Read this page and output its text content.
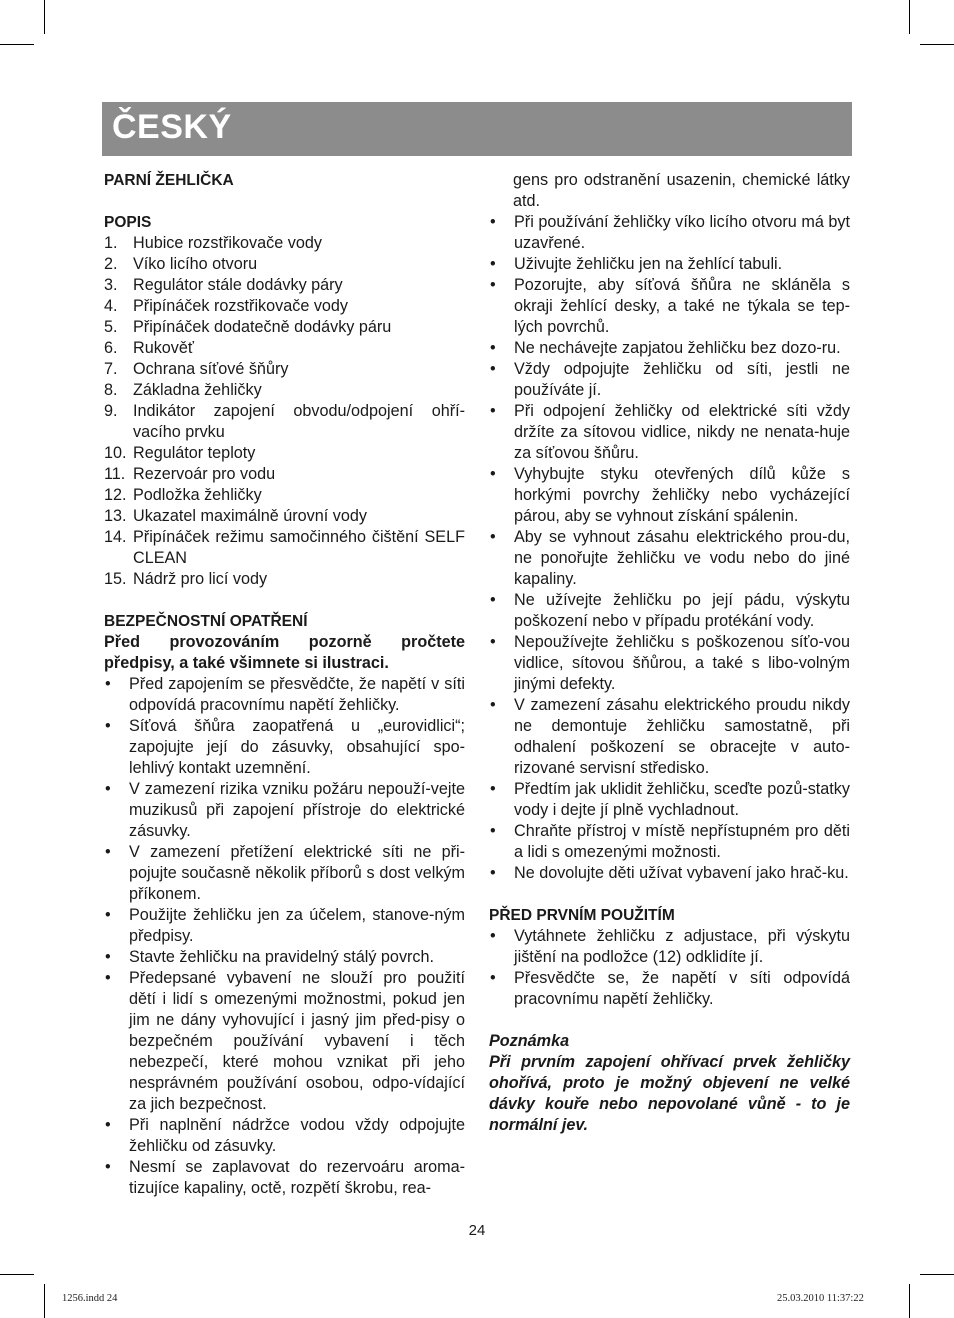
ČESKÝ
PARNÍ ŽEHLIČKA
POPIS
1. Hubice rozstřikovače vody
2. Víko licího otvoru
3. Regulátor stále dodávky páry
4. Připínáček rozstřikovače vody
5. Připínáček dodatečně dodávky páru
6. Rukověť
7. Ochrana síťové šňůry
8. Základna žehličky
9. Indikátor zapojení obvodu/odpojení ohří-vacího prvku
10. Regulátor teploty
11. Rezervoár pro vodu
12. Podložka žehličky
13. Ukazatel maximálně úrovní vody
14. Připínáček režimu samočinného čištění SELF CLEAN
15. Nádrž pro licí vody
BEZPEČNOSTNÍ OPATŘENÍ
Před provozováním pozorně pročtete předpisy, a také všimnete si ilustraci.
•	Před zapojením se přesvědčte, že napětí v síti odpovídá pracovnímu napětí žehličky.
•	Síťová šňůra zaopatřená u „eurovidlici“; zapojujte její do zásuvky, obsahující spo-lehlivý kontakt uzemnění.
•	V zamezení rizika vzniku požáru nepouží-vejte muzikusů při zapojení přístroje do elektrické zásuvky.
•	V zamezení přetížení elektrické síti ne při-pojujte současně několik příborů s dost velkým příkonem.
•	Použijte žehličku jen za účelem, stanove-ným předpisy.
•	Stavte žehličku na pravidelný stálý povrch.
•	Předepsané vybavení ne slouží pro použití dětí i lidí s omezenými možnostmi, pokud jen jim ne dány vyhovující i jasný jim před-pisy o bezpečném používání vybavení i těch nebezpečí, které mohou vznikat při jeho nesprávném používání osobou, odpo-vídající za jich bezpečnost.
•	Při naplnění nádržce vodou vždy odpojujte žehličku od zásuvky.
•	Nesmí se zaplavovat do rezervoáru aroma-tizujíce kapaliny, octě, rozpětí škrobu, rea-
gens pro odstranění usazenin, chemické látky atd.
•	Při používání žehličky víko licího otvoru má byt uzavřené.
•	Uživujte žehličku jen na žehlící tabuli.
•	Pozorujte, aby síťová šňůra ne skláněla s okraji žehlící desky, a také ne týkala se tep-lých povrchů.
•	Ne nechávejte zapjatou žehličku bez dozo-ru.
•	Vždy odpojujte žehličku od síti, jestli ne používáte jí.
•	Při odpojení žehličky od elektrické síti vždy držíte za sítovou vidlice, nikdy ne nenata-huje za síťovou šňůru.
•	Vyhybujte styku otevřených dílů kůže s horkými povrchy žehličky nebo vycházející párou, aby se vyhnout získání spálenin.
•	Aby se vyhnout zásahu elektrického prou-du, ne ponořujte žehličku ve vodu nebo do jiné kapaliny.
•	Ne užívejte žehličku po její pádu, výskytu poškození nebo v případu protékání vody.
•	Nepoužívejte žehličku s poškozenou síťo-vou vidlice, sítovou šňůrou, a také s libo-volným jinými defekty.
•	V zamezení zásahu elektrického proudu nikdy ne demontuje žehličku samostatně, při odhalení poškození se obracejte v auto-rizované servisní středisko.
•	Předtím jak uklidit žehličku, sceďte pozů-statky vody i dejte jí plně vychladnout.
•	Chraňte přístroj v místě nepřístupném pro děti a lidi s omezenými možnosti.
•	Ne dovolujte děti užívat vybavení jako hrač-ku.
PŘED PRVNÍM POUŽITÍM
•	Vytáhnete žehličku z adjustace, při výskytu jištění na podložce (12) odklidíte jí.
•	Přesvědčte se, že napětí v síti odpovídá pracovnímu napětí žehličky.
Poznámka
Při prvním zapojení ohřívací prvek žehličky ohořívá, proto je možný objevení ne velké dávky kouře nebo nepovolané vůně - to je normální jev.
24
1256.indd 24	25.03.2010 11:37:22
